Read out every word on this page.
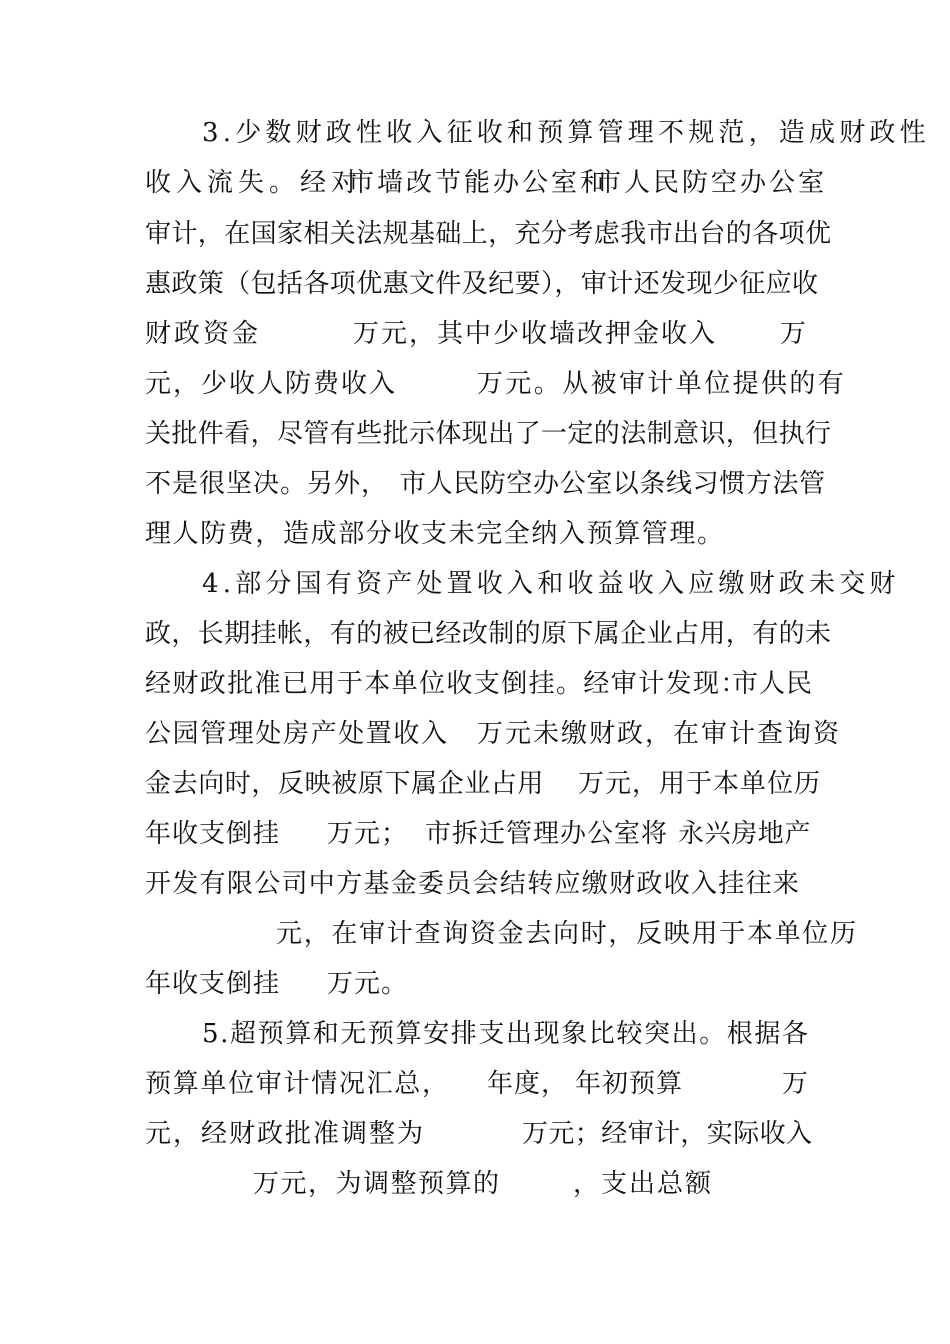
3.少数财政性收入征收和预算管理不规范，造成财政性

收入流失。经对

市墙改节能办公室和

市人民防空办公室

审计，在国家相关法规基础上，充分考虑我市出台的各项优

惠政策（包括各项优惠文件及纪要），审计还发现少征应收

财政资金

	万元，其中少收墙改押金收入

万

元，少收人防费收入

	万元。从被审计单位提供的有

关批件看，尽管有些批示体现出了一定的法制意识，但执行

不是很坚决。另外，

市人民防空办公室以条线习惯方法管

理人防费，造成部分收支未完全纳入预算管理。

4.部分国有资产处置收入和收益收入应缴财政未交财

政，长期挂帐，有的被已经改制的原下属企业占用，有的未

经财政批准已用于本单位收支倒挂。经审计发现：

市人民

公园管理处房产处置收入

万元未缴财政，在审计查询资

金去向时，反映被原下属企业占用

万元，用于本单位历

年收支倒挂

万元；

市拆迁管理办公室将

永兴房地产

开发有限公司中方基金委员会结转应缴财政收入挂往来

元，在审计查询资金去向时，反映用于本单位历

年收支倒挂

万元。

5.超预算和无预算安排支出现象比较突出。根据

各

预算单位审计情况汇总，

年度，

年初预算

	万

元，经财政批准调整为

	万元；经审计，实际收入

万元，为调整预算的

	，支出总额
